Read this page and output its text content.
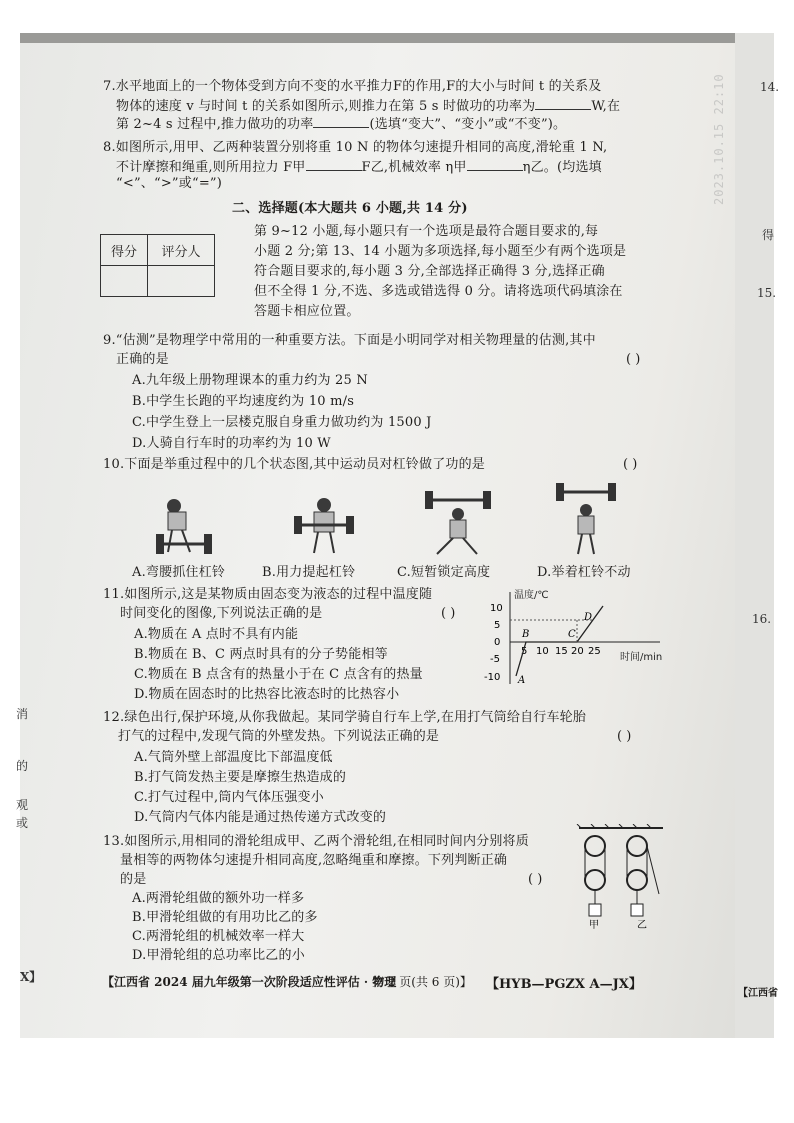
7.水平地面上的一个物体受到方向不变的水平推力F的作用,F的大小与时间 t 的关系及
物体的速度 v 与时间 t 的关系如图所示,则推力在第 5 s 时做功的功率为	W,在
第 2~4 s 过程中,推力做功的功率	(选填“变大”、“变小”或“不变”)。
8.如图所示,用甲、乙两种装置分别将重 10 N 的物体匀速提升相同的高度,滑轮重 1 N,
不计摩擦和绳重,则所用拉力 F甲	F乙,机械效率 η甲	η乙。(均选填
“<”、“>”或“=”)
二、选择题(本大题共 6 小题,共 14 分)
得分	评分人

第 9~12 小题,每小题只有一个选项是最符合题目要求的,每
小题 2 分;第 13、14 小题为多项选择,每小题至少有两个选项是
符合题目要求的,每小题 3 分,全部选择正确得 3 分,选择正确
但不全得 1 分,不选、多选或错选得 0 分。请将选项代码填涂在
答题卡相应位置。
9.“估测”是物理学中常用的一种重要方法。下面是小明同学对相关物理量的估测,其中
正确的是	( )
A.九年级上册物理课本的重力约为 25 N
B.中学生长跑的平均速度约为 10 m/s
C.中学生登上一层楼克服自身重力做功约为 1500 J
D.人骑自行车时的功率约为 10 W
10.下面是举重过程中的几个状态图,其中运动员对杠铃做了功的是	( )
A.弯腰抓住杠铃	B.用力提起杠铃	C.短暂锁定高度	D.举着杠铃不动
11.如图所示,这是某物质由固态变为液态的过程中温度随
时间变化的图像,下列说法正确的是	( )
A.物质在 A 点时不具有内能
B.物质在 B、C 两点时具有的分子势能相等
C.物质在 B 点含有的热量小于在 C 点含有的热量
D.物质在固态时的比热容比液态时的比热容小
温度/℃
时间/min
10
5
0
-5
-10
5 10 15 20 25
A
B	C
D
12.绿色出行,保护环境,从你我做起。某同学骑自行车上学,在用打气筒给自行车轮胎
打气的过程中,发现气筒的外壁发热。下列说法正确的是	( )
A.气筒外壁上部温度比下部温度低
B.打气筒发热主要是摩擦生热造成的
C.打气过程中,筒内气体压强变小
D.气筒内气体内能是通过热传递方式改变的
13.如图所示,用相同的滑轮组成甲、乙两个滑轮组,在相同时间内分别将质
量相等的两物体匀速提升相同高度,忽略绳重和摩擦。下列判断正确
的是	( )
A.两滑轮组做的额外功一样多
B.甲滑轮组做的有用功比乙的多
C.两滑轮组的机械效率一样大
D.甲滑轮组的总功率比乙的小
甲	乙
【江西省 2024 届九年级第一次阶段适应性评估 · 物理
第 2 页(共 6 页)】 【HYB—PGZX A—JX】
【江西省
2023.10.15 22:10	14.
得
15.
16.
消
的
观
或
X】
